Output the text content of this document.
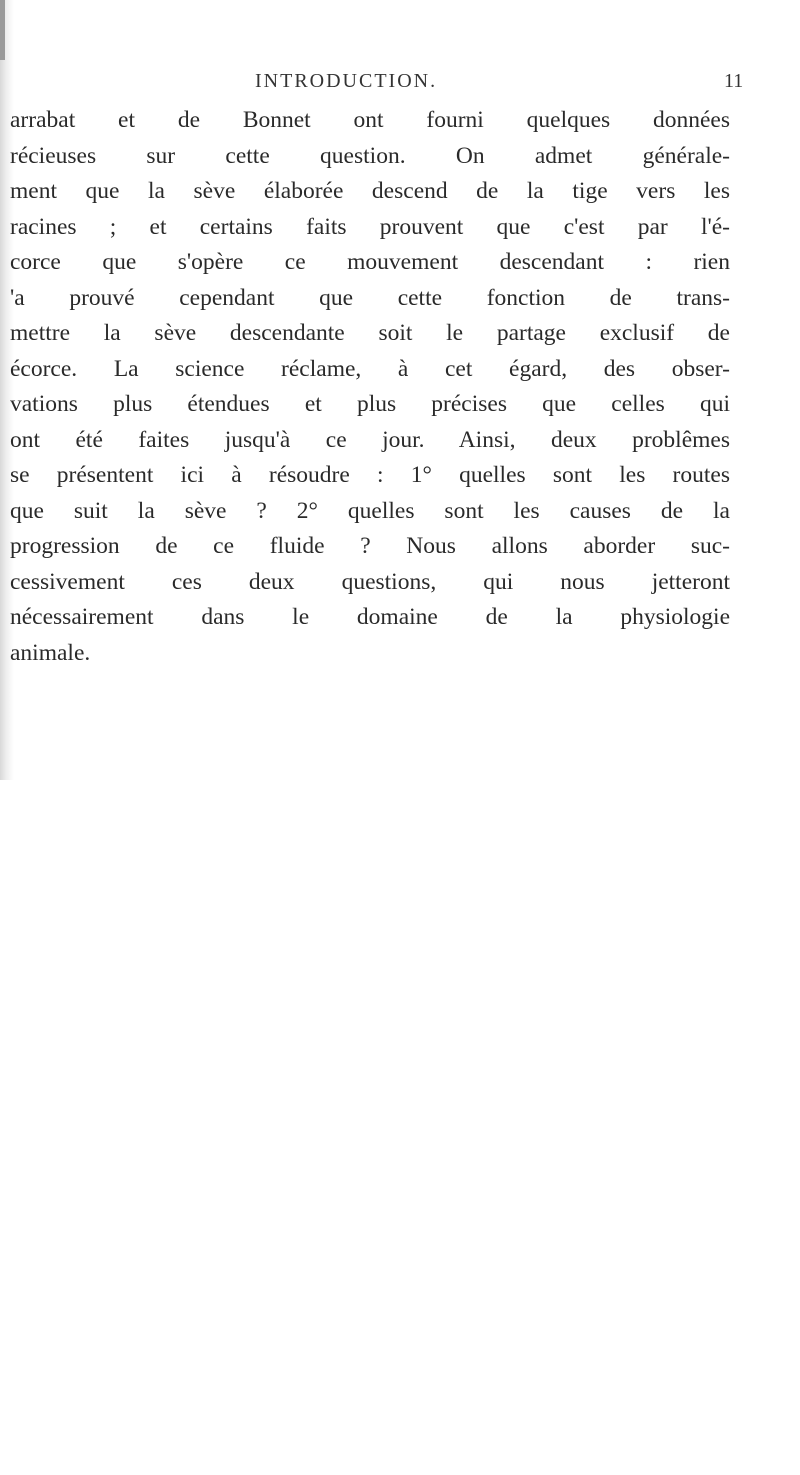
INTRODUCTION.	11
arrabat et de Bonnet ont fourni quelques données
récieuses sur cette question. On admet générale-
ment que la sève élaborée descend de la tige vers les
racines ; et certains faits prouvent que c'est par l'é-
corce que s'opère ce mouvement descendant : rien
'a prouvé cependant que cette fonction de trans-
mettre la sève descendante soit le partage exclusif de
écorce. La science réclame, à cet égard, des obser-
vations plus étendues et plus précises que celles qui
ont été faites jusqu'à ce jour. Ainsi, deux problêmes
se présentent ici à résoudre : 1° quelles sont les routes
que suit la sève ? 2° quelles sont les causes de la
progression de ce fluide ? Nous allons aborder suc-
cessivement ces deux questions, qui nous jetteront
nécessairement dans le domaine de la physiologie
animale.
